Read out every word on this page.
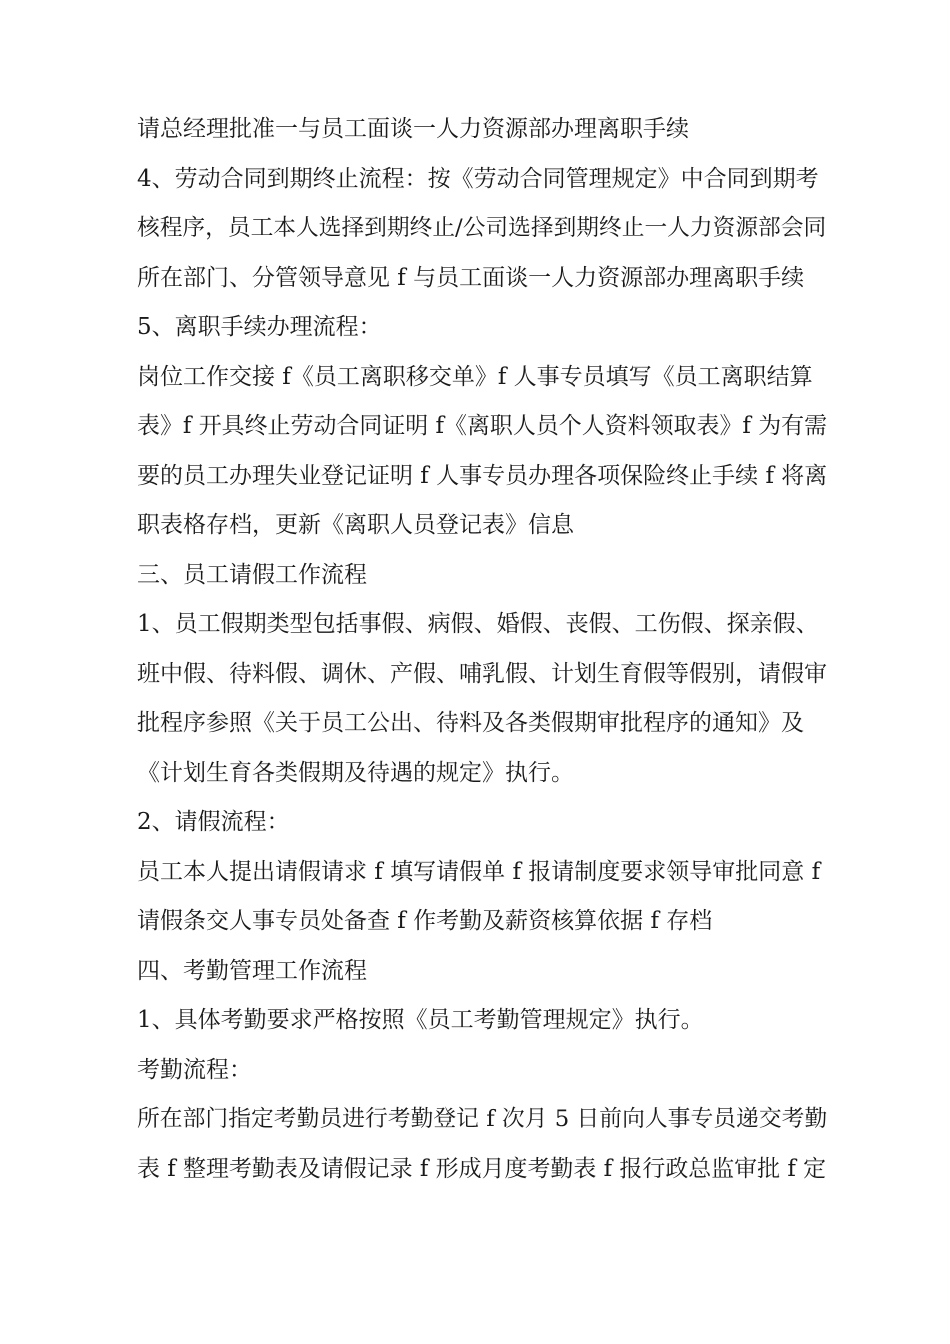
请总经理批准一与员工面谈一人力资源部办理离职手续
4、劳动合同到期终止流程：按《劳动合同管理规定》中合同到期考
核程序，员工本人选择到期终止/公司选择到期终止一人力资源部会同
所在部门、分管领导意见 f 与员工面谈一人力资源部办理离职手续
5、离职手续办理流程：
岗位工作交接 f《员工离职移交单》f 人事专员填写《员工离职结算
表》f 开具终止劳动合同证明 f《离职人员个人资料领取表》f 为有需
要的员工办理失业登记证明 f 人事专员办理各项保险终止手续 f 将离
职表格存档，更新《离职人员登记表》信息
三、员工请假工作流程
1、员工假期类型包括事假、病假、婚假、丧假、工伤假、探亲假、
班中假、待料假、调休、产假、哺乳假、计划生育假等假别，请假审
批程序参照《关于员工公出、待料及各类假期审批程序的通知》及
《计划生育各类假期及待遇的规定》执行。
2、请假流程：
员工本人提出请假请求 f 填写请假单 f 报请制度要求领导审批同意 f
请假条交人事专员处备查 f 作考勤及薪资核算依据 f 存档
四、考勤管理工作流程
1、具体考勤要求严格按照《员工考勤管理规定》执行。
考勤流程：
所在部门指定考勤员进行考勤登记 f 次月 5 日前向人事专员递交考勤
表 f 整理考勤表及请假记录 f 形成月度考勤表 f 报行政总监审批 f 定
